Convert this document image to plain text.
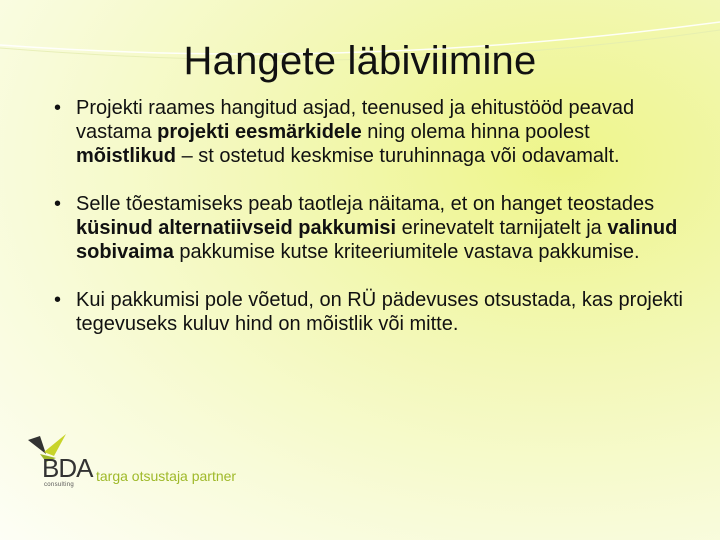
Hangete läbiviimine
• Projekti raames hangitud asjad, teenused ja ehitustööd peavad vastama projekti eesmärkidele ning olema hinna poolest mõistlikud – st ostetud keskmise turuhinnaga või odavamalt.
• Selle tõestamiseks peab taotleja näitama, et on hanget teostades küsinud alternatiivseid pakkumisi erinevatelt tarnijatelt ja valinud sobivaima pakkumise kutse kriteeriumitele vastava pakkumise.
• Kui pakkumisi pole võetud, on RÜ pädevuses otsustada, kas projekti tegevuseks kuluv hind on mõistlik või mitte.
BDA
consulting
targa otsustaja partner
